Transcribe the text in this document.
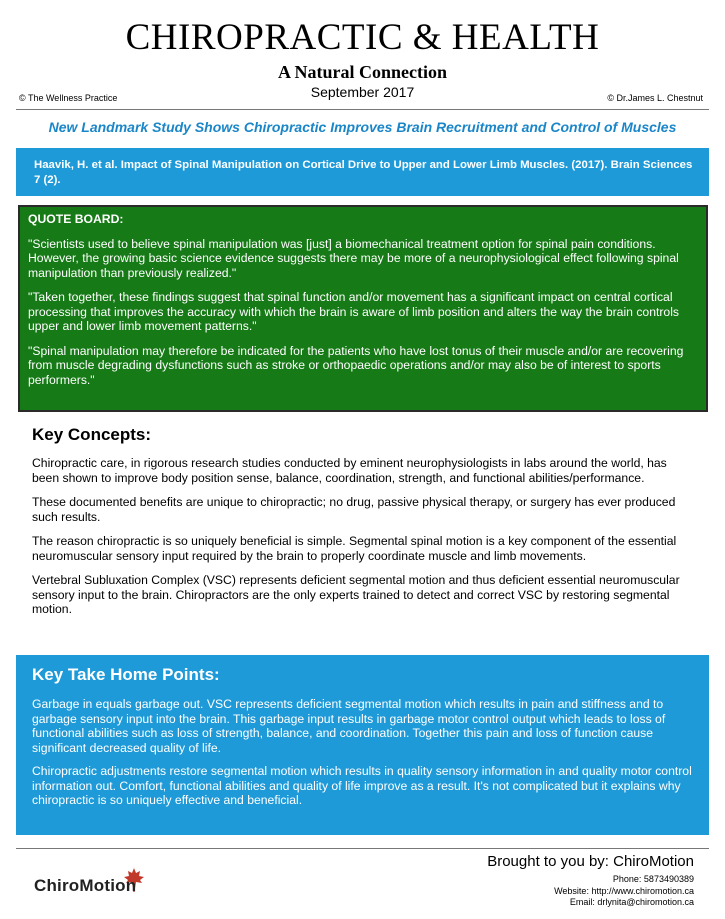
CHIROPRACTIC & HEALTH
A Natural Connection
September 2017
© The Wellness Practice	© Dr.James L. Chestnut
New Landmark Study Shows Chiropractic Improves Brain Recruitment and Control of Muscles
Haavik, H. et al. Impact of Spinal Manipulation on Cortical Drive to Upper and Lower Limb Muscles. (2017). Brain Sciences 7 (2).
QUOTE BOARD:

"Scientists used to believe spinal manipulation was [just] a biomechanical treatment option for spinal pain conditions. However, the growing basic science evidence suggests there may be more of a neurophysiological effect following spinal manipulation than previously realized."

"Taken together, these findings suggest that spinal function and/or movement has a significant impact on central cortical processing that improves the accuracy with which the brain is aware of limb position and alters the way the brain controls upper and lower limb movement patterns."

"Spinal manipulation may therefore be indicated for the patients who have lost tonus of their muscle and/or are recovering from muscle degrading dysfunctions such as stroke or orthopaedic operations and/or may also be of interest to sports performers."

Key Concepts:

Chiropractic care, in rigorous research studies conducted by eminent neurophysiologists in labs around the world, has been shown to improve body position sense, balance, coordination, strength, and functional abilities/performance.

These documented benefits are unique to chiropractic; no drug, passive physical therapy, or surgery has ever produced such results.

The reason chiropractic is so uniquely beneficial is simple. Segmental spinal motion is a key component of the essential neuromuscular sensory input required by the brain to properly coordinate muscle and limb movements.

Vertebral Subluxation Complex (VSC) represents deficient segmental motion and thus deficient essential neuromuscular sensory input to the brain. Chiropractors are the only experts trained to detect and correct VSC by restoring segmental motion.

Key Take Home Points:

Garbage in equals garbage out. VSC represents deficient segmental motion which results in pain and stiffness and to garbage sensory input into the brain. This garbage input results in garbage motor control output which leads to loss of functional abilities such as loss of strength, balance, and coordination. Together this pain and loss of function cause significant decreased quality of life.

Chiropractic adjustments restore segmental motion which results in quality sensory information in and quality motor control information out. Comfort, functional abilities and quality of life improve as a result. It's not complicated but it explains why chiropractic is so uniquely effective and beneficial.

ChiroMotion
Brought to you by: ChiroMotion
Phone: 5873490389
Website: http://www.chiromotion.ca
Email: drlynita@chiromotion.ca
